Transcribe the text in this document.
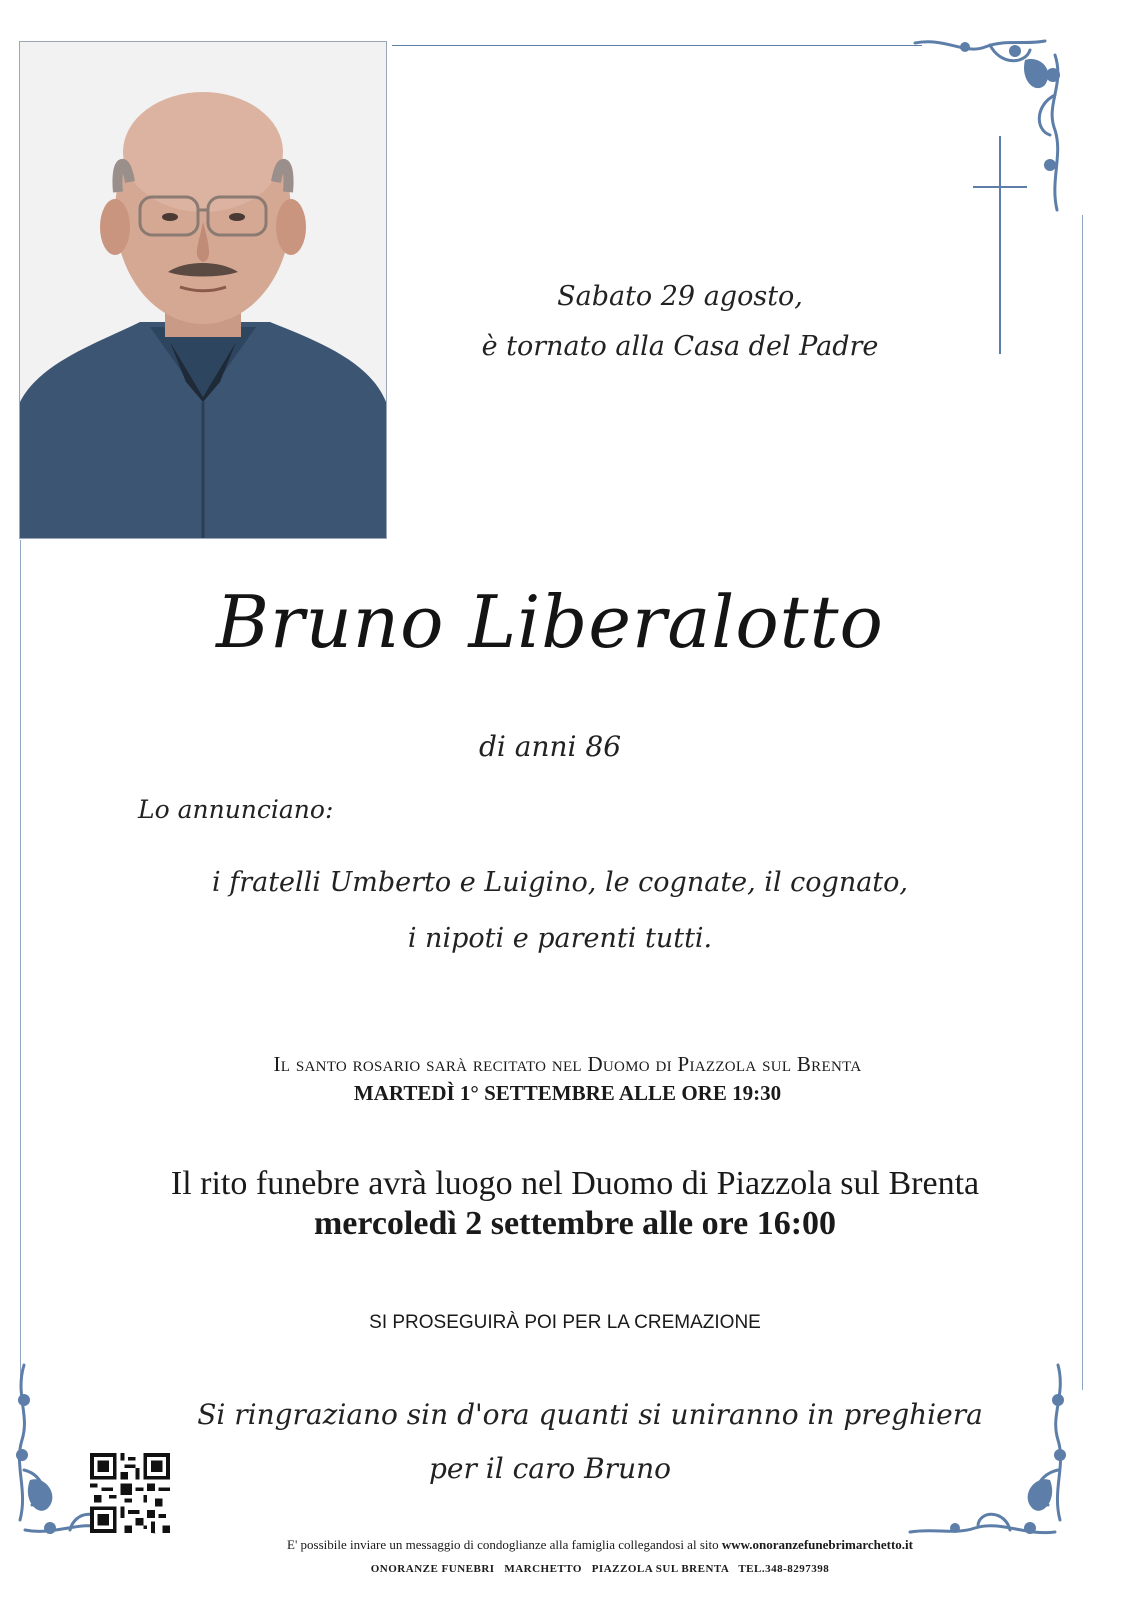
Sabato 29 agosto,
è tornato alla Casa del Padre
Bruno Liberalotto
di anni 86
Lo annunciano:
i fratelli Umberto e Luigino, le cognate, il cognato,
i nipoti e parenti tutti.
Il santo rosario sarà recitato nel Duomo di Piazzola sul Brenta
MARTEDÌ 1° SETTEMBRE ALLE ORE 19:30
Il rito funebre avrà luogo nel Duomo di Piazzola sul Brenta
mercoledì 2 settembre alle ore 16:00
SI PROSEGUIRÀ POI PER LA CREMAZIONE
Si ringraziano sin d'ora quanti si uniranno in preghiera
per il caro Bruno
E' possibile inviare un messaggio di condoglianze alla famiglia collegandosi al sito www.onoranzefunebrimarchetto.it
ONORANZE FUNEBRI   MARCHETTO   PIAZZOLA SUL BRENTA   TEL.348-8297398
